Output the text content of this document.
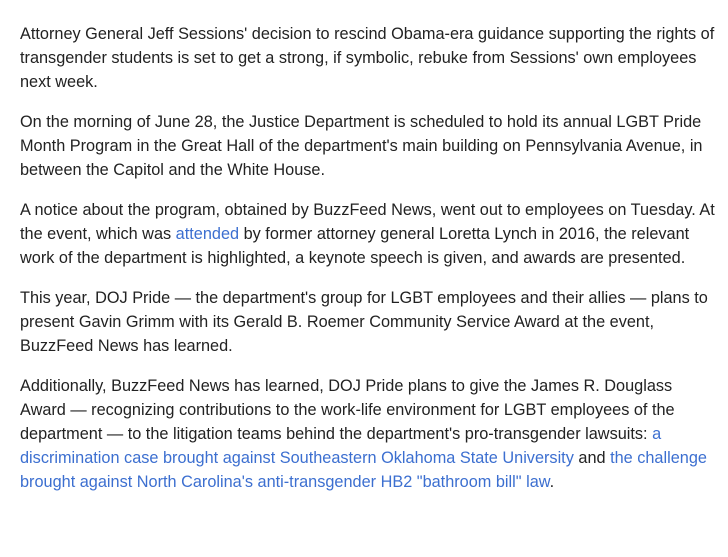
Attorney General Jeff Sessions' decision to rescind Obama-era guidance supporting the rights of transgender students is set to get a strong, if symbolic, rebuke from Sessions' own employees next week.

On the morning of June 28, the Justice Department is scheduled to hold its annual LGBT Pride Month Program in the Great Hall of the department's main building on Pennsylvania Avenue, in between the Capitol and the White House.

A notice about the program, obtained by BuzzFeed News, went out to employees on Tuesday. At the event, which was attended by former attorney general Loretta Lynch in 2016, the relevant work of the department is highlighted, a keynote speech is given, and awards are presented.

This year, DOJ Pride — the department's group for LGBT employees and their allies — plans to present Gavin Grimm with its Gerald B. Roemer Community Service Award at the event, BuzzFeed News has learned.

Additionally, BuzzFeed News has learned, DOJ Pride plans to give the James R. Douglass Award — recognizing contributions to the work-life environment for LGBT employees of the department — to the litigation teams behind the department's pro-transgender lawsuits: a discrimination case brought against Southeastern Oklahoma State University and the challenge brought against North Carolina's anti-transgender HB2 "bathroom bill" law.
